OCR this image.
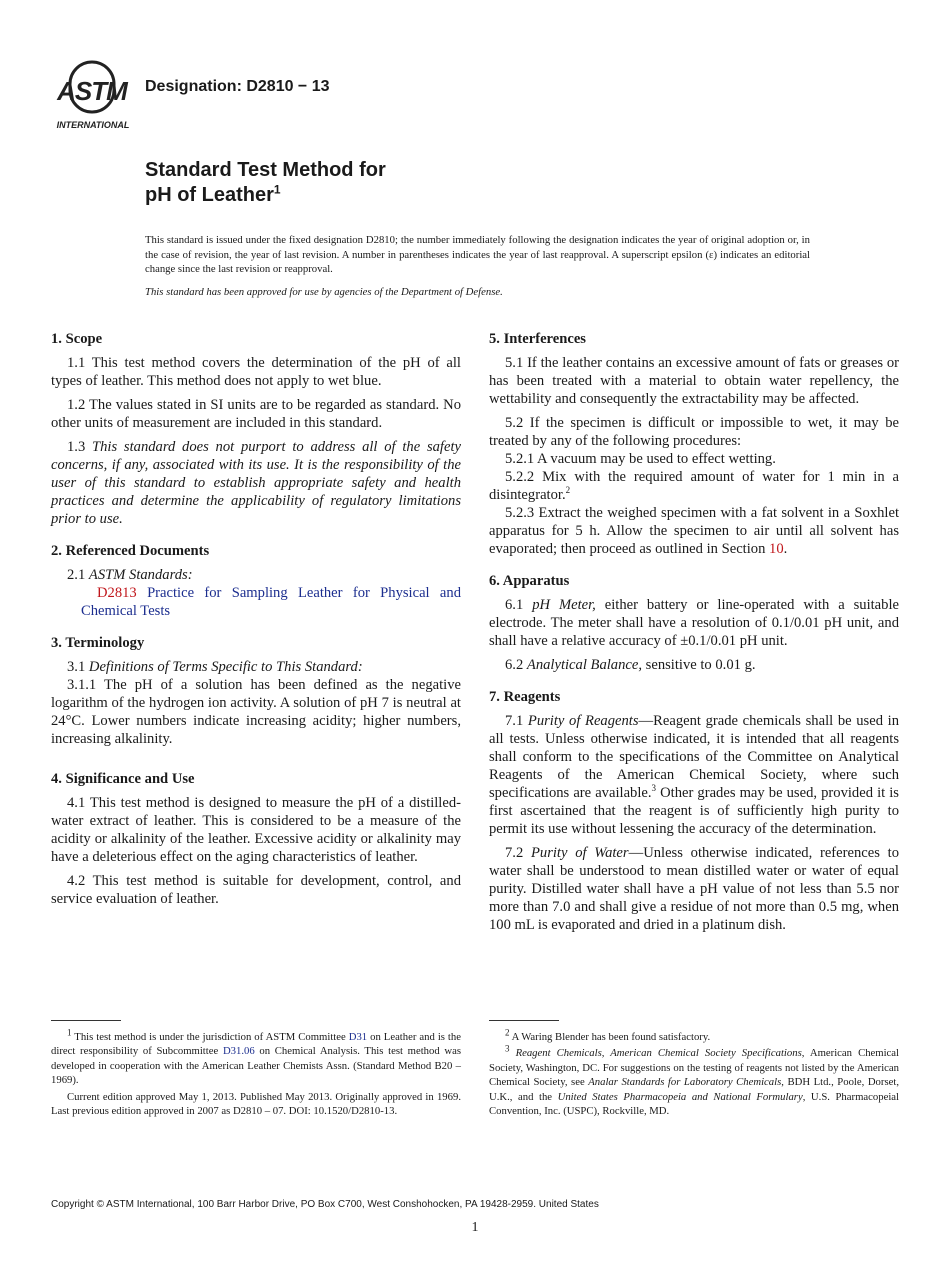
ASTM
INTERNATIONAL
Designation: D2810 − 13
Standard Test Method for
pH of Leather$^1$
This standard is issued under the fixed designation D2810; the number immediately following the designation indicates the year of original adoption or, in the case of revision, the year of last revision. A number in parentheses indicates the year of last reapproval. A superscript epsilon (ε) indicates an editorial change since the last revision or reapproval.
This standard has been approved for use by agencies of the Department of Defense.
1. Scope

1.1 This test method covers the determination of the pH of all types of leather. This method does not apply to wet blue.

1.2 The values stated in SI units are to be regarded as standard. No other units of measurement are included in this standard.

1.3 This standard does not purport to address all of the safety concerns, if any, associated with its use. It is the responsibility of the user of this standard to establish appropriate safety and health practices and determine the applicability of regulatory limitations prior to use.

2. Referenced Documents

2.1 ASTM Standards:

D2813 Practice for Sampling Leather for Physical and Chemical Tests

3. Terminology

3.1 Definitions of Terms Specific to This Standard:

3.1.1 The pH of a solution has been defined as the negative logarithm of the hydrogen ion activity. A solution of pH 7 is neutral at 24°C. Lower numbers indicate increasing acidity; higher numbers, increasing alkalinity.

4. Significance and Use

4.1 This test method is designed to measure the pH of a distilled-water extract of leather. This is considered to be a measure of the acidity or alkalinity of the leather. Excessive acidity or alkalinity may have a deleterious effect on the aging characteristics of leather.

4.2 This test method is suitable for development, control, and service evaluation of leather.

5. Interferences

5.1 If the leather contains an excessive amount of fats or greases or has been treated with a material to obtain water repellency, the wettability and consequently the extractability may be affected.

5.2 If the specimen is difficult or impossible to wet, it may be treated by any of the following procedures:

5.2.1 A vacuum may be used to effect wetting.

5.2.2 Mix with the required amount of water for 1 min in a disintegrator.$^2$

5.2.3 Extract the weighed specimen with a fat solvent in a Soxhlet apparatus for 5 h. Allow the specimen to air until all solvent has evaporated; then proceed as outlined in Section 10.

6. Apparatus

6.1 pH Meter, either battery or line-operated with a suitable electrode. The meter shall have a resolution of 0.1/0.01 pH unit, and shall have a relative accuracy of ±0.1/0.01 pH unit.

6.2 Analytical Balance, sensitive to 0.01 g.

7. Reagents

7.1 Purity of Reagents—Reagent grade chemicals shall be used in all tests. Unless otherwise indicated, it is intended that all reagents shall conform to the specifications of the Committee on Analytical Reagents of the American Chemical Society, where such specifications are available.$^3$ Other grades may be used, provided it is first ascertained that the reagent is of sufficiently high purity to permit its use without lessening the accuracy of the determination.

7.2 Purity of Water—Unless otherwise indicated, references to water shall be understood to mean distilled water or water of equal purity. Distilled water shall have a pH value of not less than 5.5 nor more than 7.0 and shall give a residue of not more than 0.5 mg, when 100 mL is evaporated and dried in a platinum dish.

$^1$ This test method is under the jurisdiction of ASTM Committee D31 on Leather and is the direct responsibility of Subcommittee D31.06 on Chemical Analysis. This test method was developed in cooperation with the American Leather Chemists Assn. (Standard Method B20 – 1969).

Current edition approved May 1, 2013. Published May 2013. Originally approved in 1969. Last previous edition approved in 2007 as D2810 – 07. DOI: 10.1520/D2810-13.

$^2$ A Waring Blender has been found satisfactory.

$^3$ Reagent Chemicals, American Chemical Society Specifications, American Chemical Society, Washington, DC. For suggestions on the testing of reagents not listed by the American Chemical Society, see Analar Standards for Laboratory Chemicals, BDH Ltd., Poole, Dorset, U.K., and the United States Pharmacopeia and National Formulary, U.S. Pharmacopeial Convention, Inc. (USPC), Rockville, MD.

Copyright © ASTM International, 100 Barr Harbor Drive, PO Box C700, West Conshohocken, PA 19428-2959. United States
1
